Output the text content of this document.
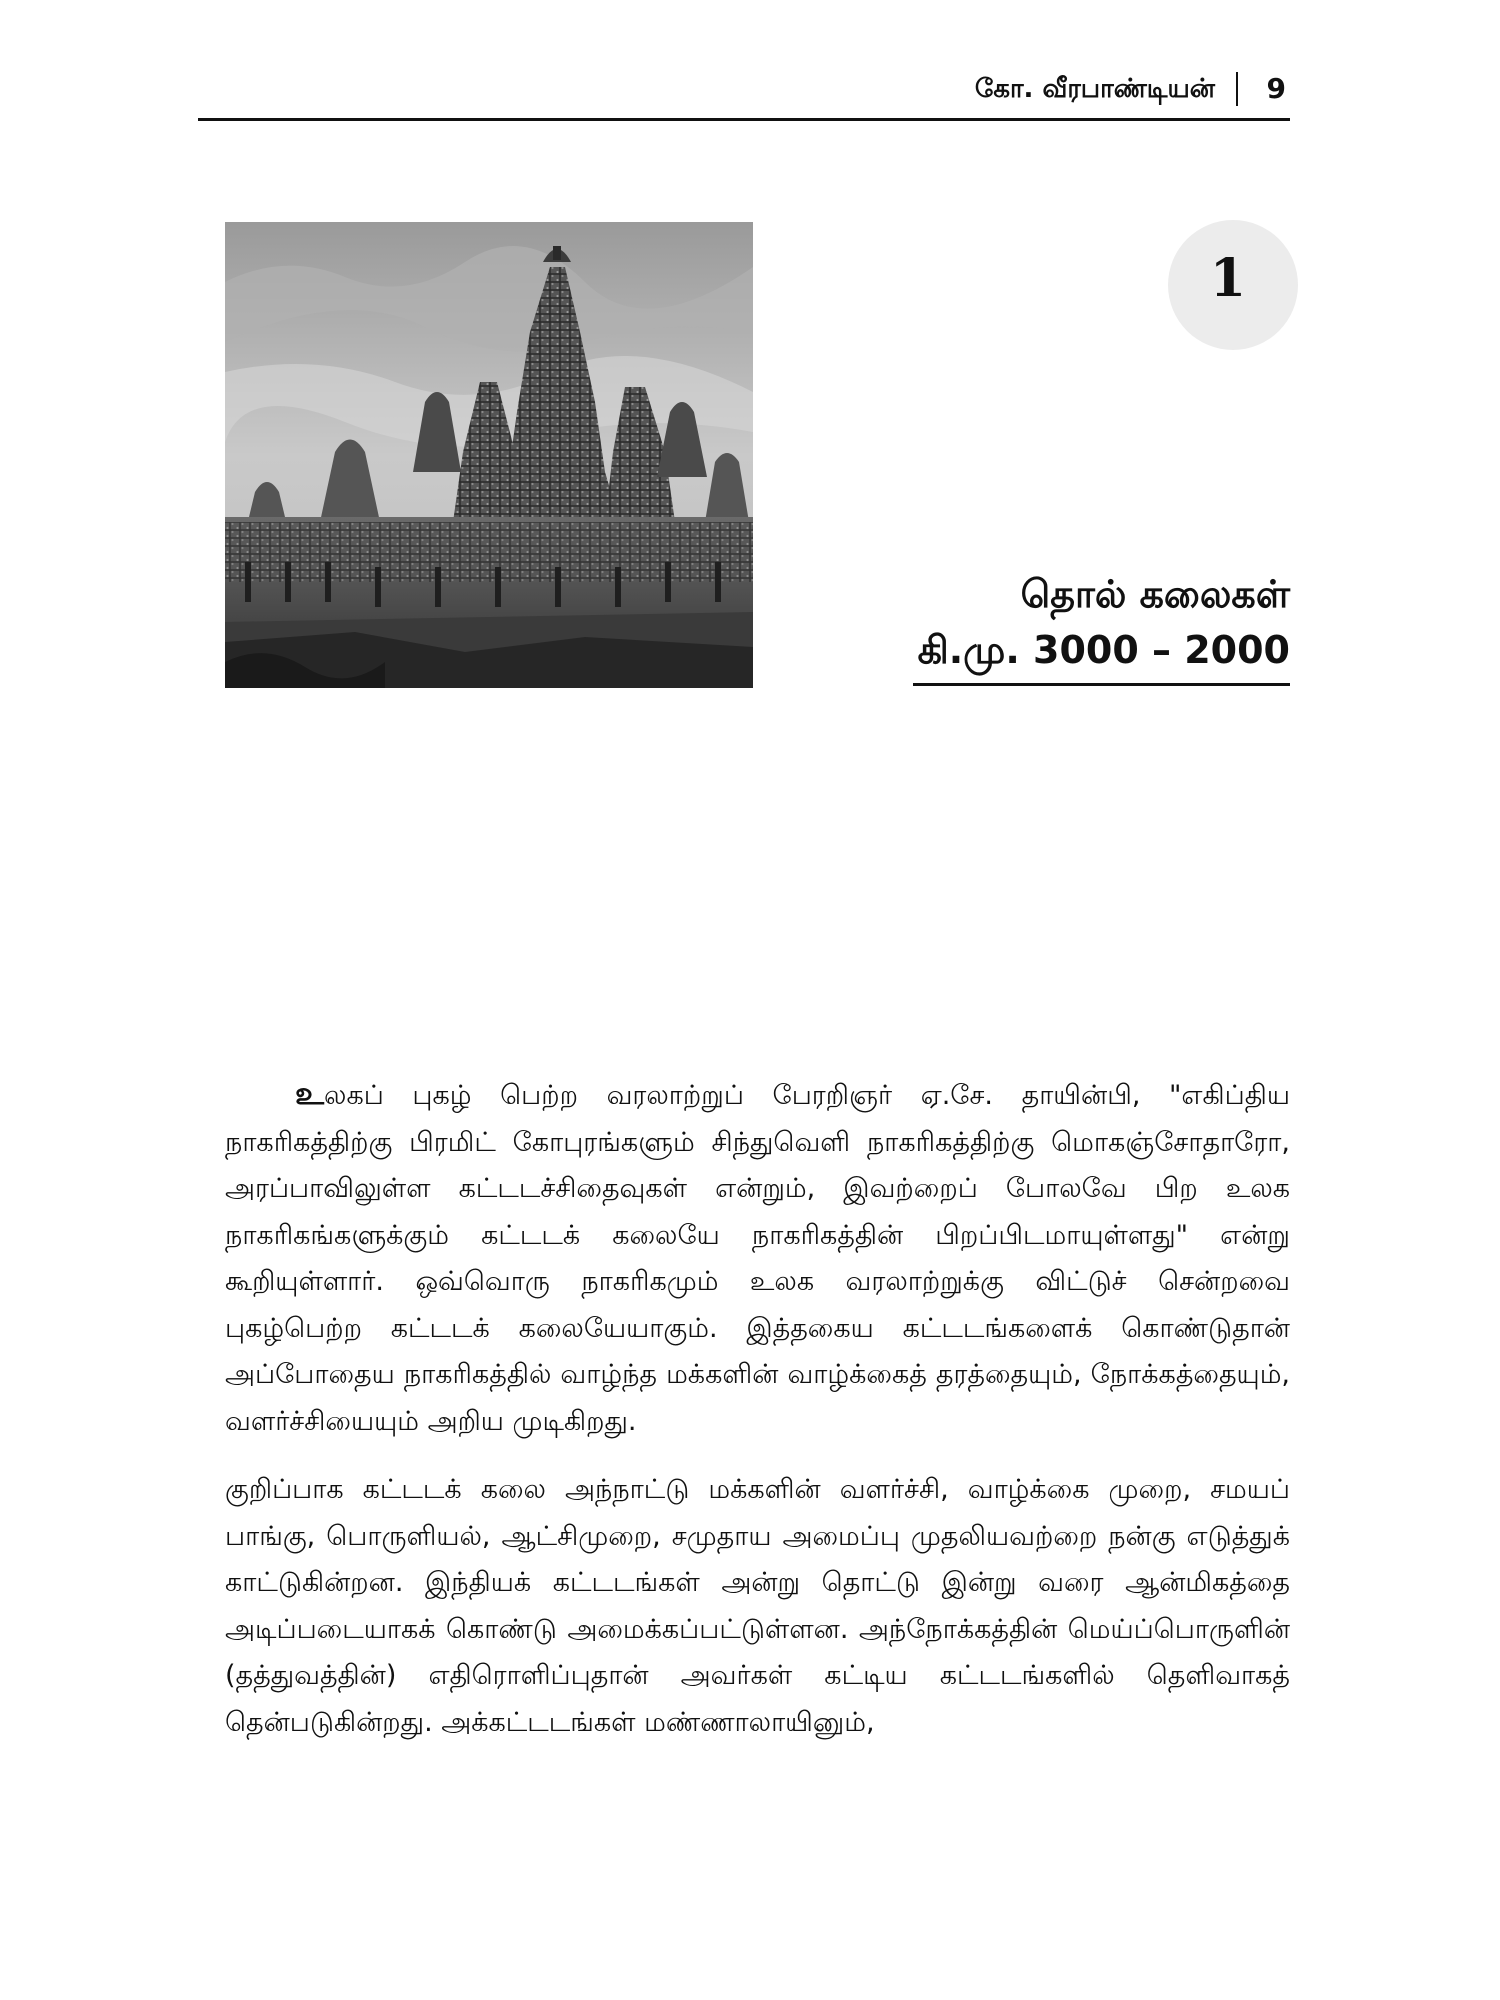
கோ. வீரபாண்டியன் 9
1
தொல் கலைகள்
கி.மு. 3000 – 2000

உலகப் புகழ் பெற்ற வரலாற்றுப் பேரறிஞர் ஏ.சே. தாயின்பி, "எகிப்திய நாகரிகத்திற்கு பிரமிட் கோபுரங்களும் சிந்துவெளி நாகரிகத்திற்கு மொகஞ்சோதாரோ, அரப்பாவிலுள்ள கட்டடச்சிதைவுகள் என்றும், இவற்றைப் போலவே பிற உலக நாகரிகங்களுக்கும் கட்டடக் கலையே நாகரிகத்தின் பிறப்பிடமாயுள்ளது" என்று கூறியுள்ளார். ஒவ்வொரு நாகரிகமும் உலக வரலாற்றுக்கு விட்டுச் சென்றவை புகழ்பெற்ற கட்டடக் கலையேயாகும். இத்தகைய கட்டடங்களைக் கொண்டுதான் அப்போதைய நாகரிகத்தில் வாழ்ந்த மக்களின் வாழ்க்கைத் தரத்தையும், நோக்கத்தையும், வளர்ச்சியையும் அறிய முடிகிறது.

குறிப்பாக கட்டடக் கலை அந்நாட்டு மக்களின் வளர்ச்சி, வாழ்க்கை முறை, சமயப் பாங்கு, பொருளியல், ஆட்சிமுறை, சமுதாய அமைப்பு முதலியவற்றை நன்கு எடுத்துக் காட்டுகின்றன. இந்தியக் கட்டடங்கள் அன்று தொட்டு இன்று வரை ஆன்மிகத்தை அடிப்படையாகக் கொண்டு அமைக்கப்பட்டுள்ளன. அந்நோக்கத்தின் மெய்ப்பொருளின் (தத்துவத்தின்) எதிரொளிப்புதான் அவர்கள் கட்டிய கட்டடங்களில் தெளிவாகத் தென்படுகின்றது. அக்கட்டடங்கள் மண்ணாலாயினும்,
